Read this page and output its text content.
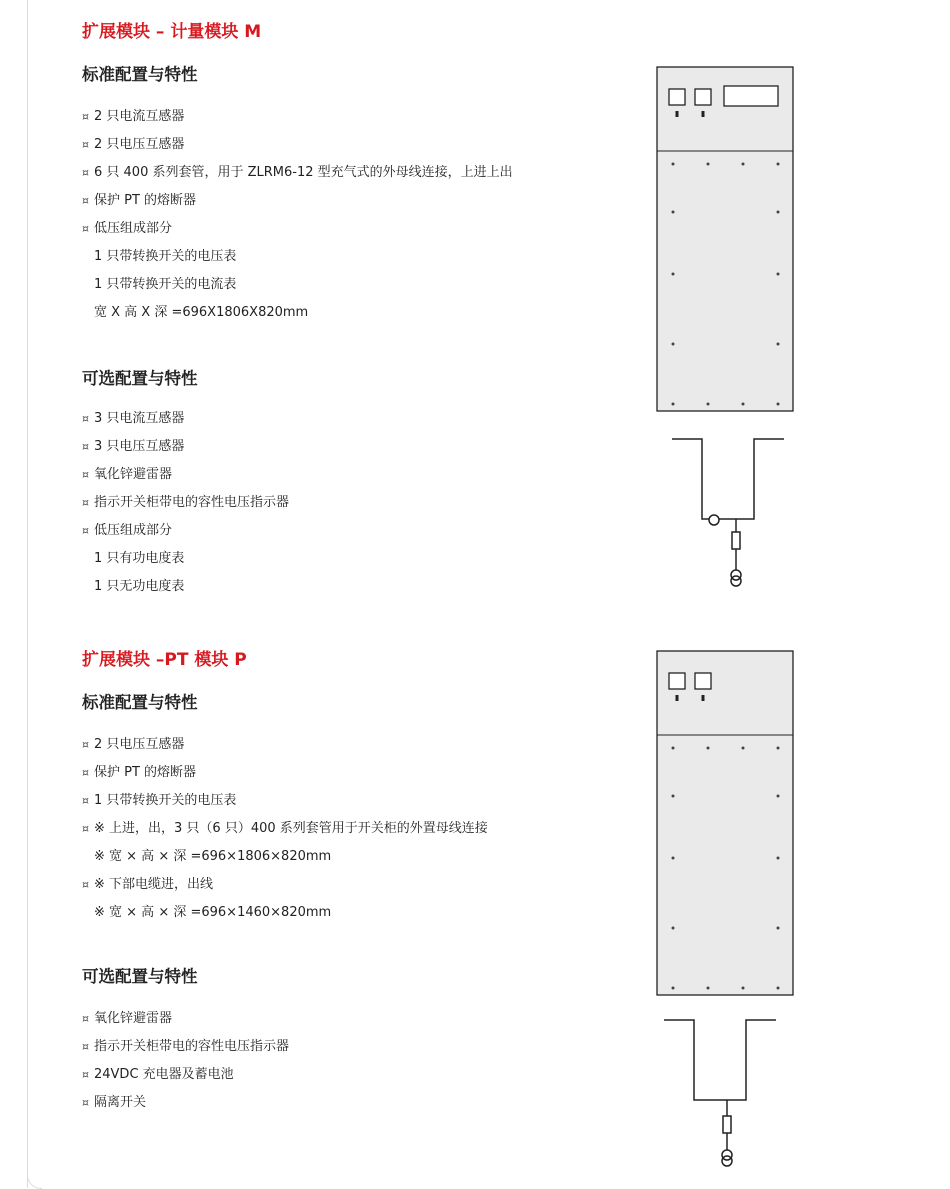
扩展模块 – 计量模块 M
标准配置与特性
¤ 2 只电流互感器
¤ 2 只电压互感器
¤ 6 只 400 系列套管，用于 ZLRM6-12 型充气式的外母线连接，上进上出
¤ 保护 PT 的熔断器
¤ 低压组成部分
1 只带转换开关的电压表
1 只带转换开关的电流表
宽 X 高 X 深 =696X1806X820mm
可选配置与特性
¤ 3 只电流互感器
¤ 3 只电压互感器
¤ 氧化锌避雷器
¤ 指示开关柜带电的容性电压指示器
¤ 低压组成部分
1 只有功电度表
1 只无功电度表
扩展模块 –PT 模块 P
标准配置与特性
¤ 2 只电压互感器
¤ 保护 PT 的熔断器
¤ 1 只带转换开关的电压表
¤ ※ 上进，出，3 只（6 只）400 系列套管用于开关柜的外置母线连接
※ 宽 × 高 × 深 =696×1806×820mm
¤ ※ 下部电缆进，出线
※ 宽 × 高 × 深 =696×1460×820mm
可选配置与特性
¤ 氧化锌避雷器
¤ 指示开关柜带电的容性电压指示器
¤ 24VDC 充电器及蓄电池
¤ 隔离开关
